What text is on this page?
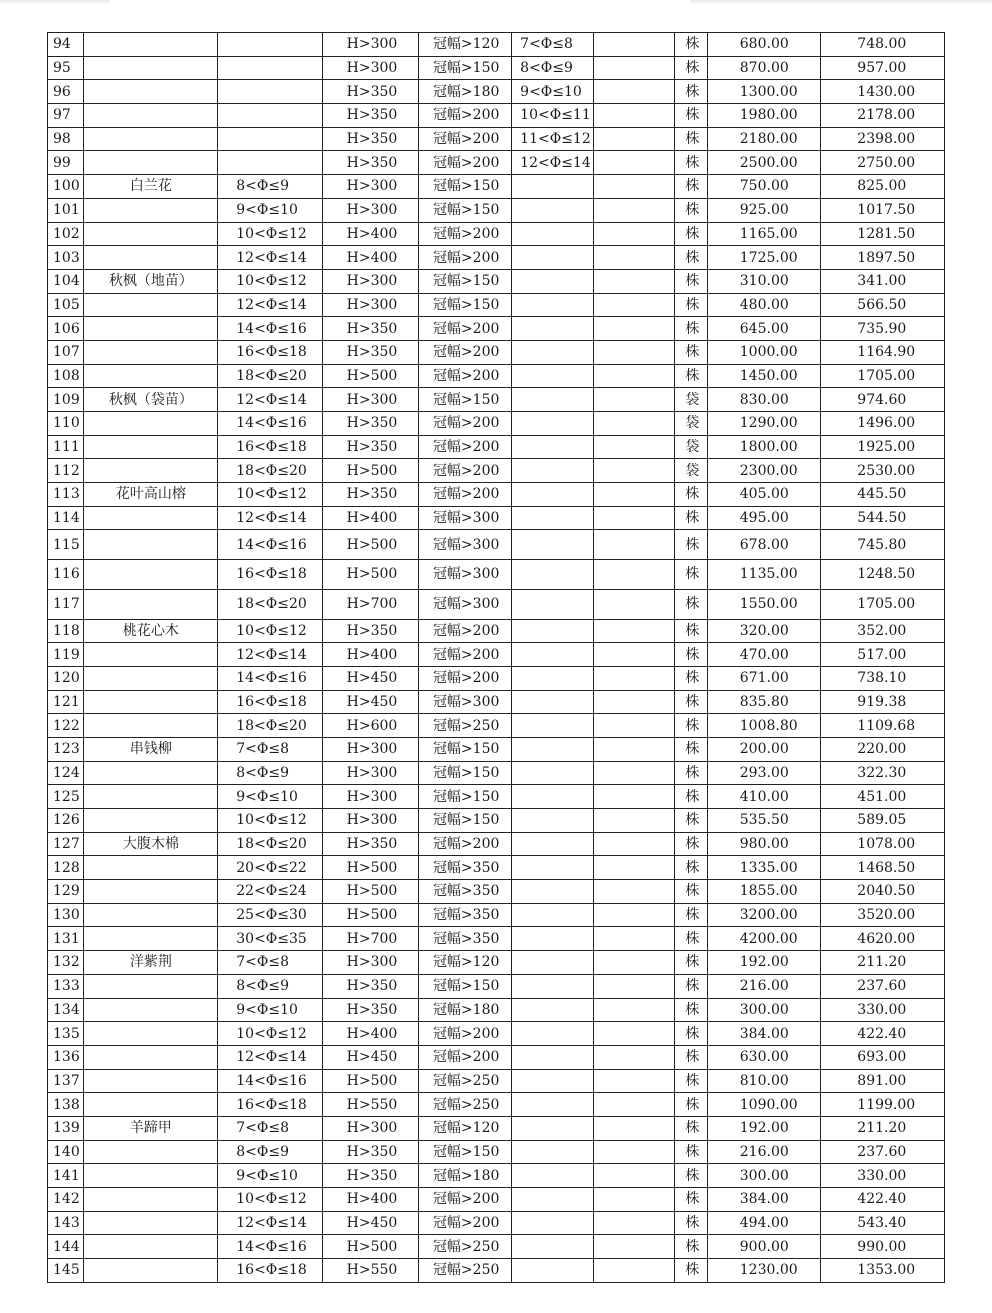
94			H>300	冠幅>120	7<Φ≤8		株	680.00	748.00
95			H>300	冠幅>150	8<Φ≤9		株	870.00	957.00
96			H>350	冠幅>180	9<Φ≤10		株	1300.00	1430.00
97			H>350	冠幅>200	10<Φ≤11		株	1980.00	2178.00
98			H>350	冠幅>200	11<Φ≤12		株	2180.00	2398.00
99			H>350	冠幅>200	12<Φ≤14		株	2500.00	2750.00
100	白兰花	8<Φ≤9	H>300	冠幅>150			株	750.00	825.00
101		9<Φ≤10	H>300	冠幅>150			株	925.00	1017.50
102		10<Φ≤12	H>400	冠幅>200			株	1165.00	1281.50
103		12<Φ≤14	H>400	冠幅>200			株	1725.00	1897.50
104	秋枫（地苗）	10<Φ≤12	H>300	冠幅>150			株	310.00	341.00
105		12<Φ≤14	H>300	冠幅>150			株	480.00	566.50
106		14<Φ≤16	H>350	冠幅>200			株	645.00	735.90
107		16<Φ≤18	H>350	冠幅>200			株	1000.00	1164.90
108		18<Φ≤20	H>500	冠幅>200			株	1450.00	1705.00
109	秋枫（袋苗）	12<Φ≤14	H>300	冠幅>150			袋	830.00	974.60
110		14<Φ≤16	H>350	冠幅>200			袋	1290.00	1496.00
111		16<Φ≤18	H>350	冠幅>200			袋	1800.00	1925.00
112		18<Φ≤20	H>500	冠幅>200			袋	2300.00	2530.00
113	花叶高山榕	10<Φ≤12	H>350	冠幅>200			株	405.00	445.50
114		12<Φ≤14	H>400	冠幅>300			株	495.00	544.50
115		14<Φ≤16	H>500	冠幅>300			株	678.00	745.80
116		16<Φ≤18	H>500	冠幅>300			株	1135.00	1248.50
117		18<Φ≤20	H>700	冠幅>300			株	1550.00	1705.00
118	桃花心木	10<Φ≤12	H>350	冠幅>200			株	320.00	352.00
119		12<Φ≤14	H>400	冠幅>200			株	470.00	517.00
120		14<Φ≤16	H>450	冠幅>200			株	671.00	738.10
121		16<Φ≤18	H>450	冠幅>300			株	835.80	919.38
122		18<Φ≤20	H>600	冠幅>250			株	1008.80	1109.68
123	串钱柳	7<Φ≤8	H>300	冠幅>150			株	200.00	220.00
124		8<Φ≤9	H>300	冠幅>150			株	293.00	322.30
125		9<Φ≤10	H>300	冠幅>150			株	410.00	451.00
126		10<Φ≤12	H>300	冠幅>150			株	535.50	589.05
127	大腹木棉	18<Φ≤20	H>350	冠幅>200			株	980.00	1078.00
128		20<Φ≤22	H>500	冠幅>350			株	1335.00	1468.50
129		22<Φ≤24	H>500	冠幅>350			株	1855.00	2040.50
130		25<Φ≤30	H>500	冠幅>350			株	3200.00	3520.00
131		30<Φ≤35	H>700	冠幅>350			株	4200.00	4620.00
132	洋紫荆	7<Φ≤8	H>300	冠幅>120			株	192.00	211.20
133		8<Φ≤9	H>350	冠幅>150			株	216.00	237.60
134		9<Φ≤10	H>350	冠幅>180			株	300.00	330.00
135		10<Φ≤12	H>400	冠幅>200			株	384.00	422.40
136		12<Φ≤14	H>450	冠幅>200			株	630.00	693.00
137		14<Φ≤16	H>500	冠幅>250			株	810.00	891.00
138		16<Φ≤18	H>550	冠幅>250			株	1090.00	1199.00
139	羊蹄甲	7<Φ≤8	H>300	冠幅>120			株	192.00	211.20
140		8<Φ≤9	H>350	冠幅>150			株	216.00	237.60
141		9<Φ≤10	H>350	冠幅>180			株	300.00	330.00
142		10<Φ≤12	H>400	冠幅>200			株	384.00	422.40
143		12<Φ≤14	H>450	冠幅>200			株	494.00	543.40
144		14<Φ≤16	H>500	冠幅>250			株	900.00	990.00
145		16<Φ≤18	H>550	冠幅>250			株	1230.00	1353.00
